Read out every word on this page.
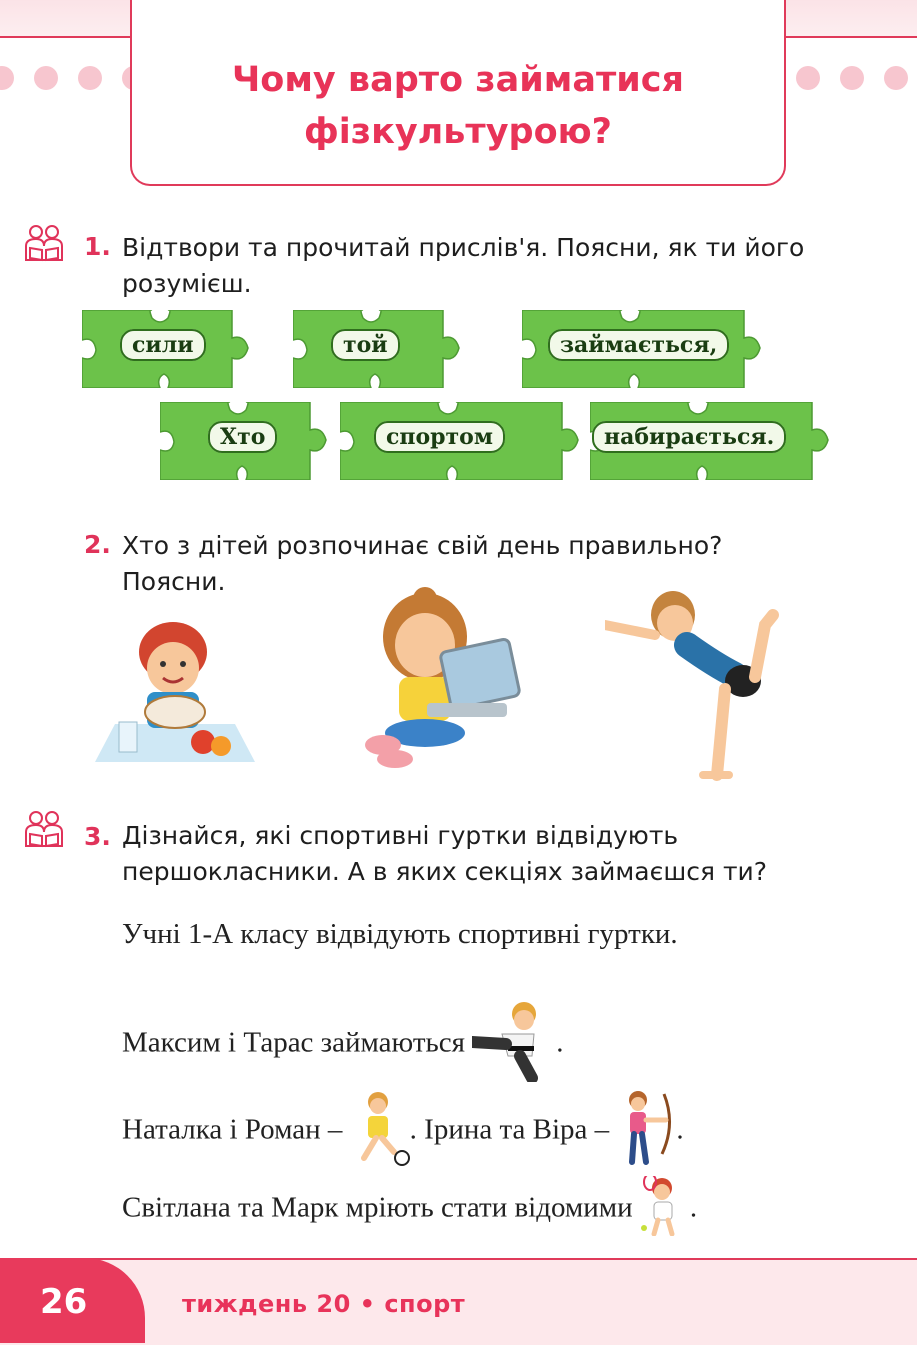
Чому варто займатися
фізкультурою?
1. Відтвори та прочитай прислів'я. Поясни, як ти його
розумієш.
сили	той	займається,
Хто	спортом	набирається.
2. Хто з дітей розпочинає свій день правильно?
Поясни.
3. Дізнайся, які спортивні гуртки відвідують
першокласники. А в яких секціях займаєшся ти?
Учні 1-А класу відвідують спортивні гуртки.
Максим і Тарас займаються	.
Наталка і Роман – . Ірина та Віра – .
Світлана та Марк мріють стати відомими .
26	тиждень 20 • спорт
